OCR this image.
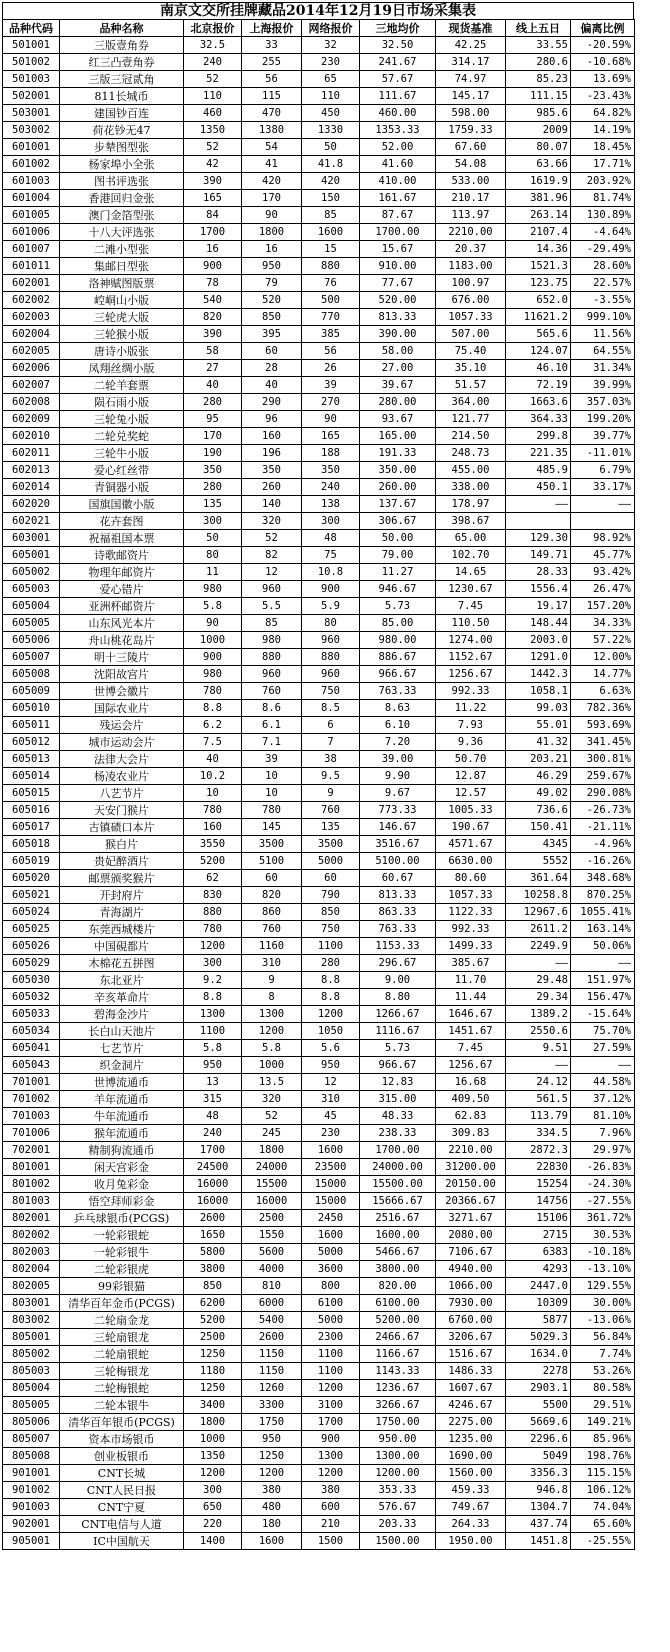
南京文交所挂牌藏品2014年12月19日市场采集表
品种代码	品种名称	北京报价	上海报价	网络报价	三地均价	现货基准	线上五日	偏离比例
501001	三版壹角券	32.5	33	32	32.50	42.25	33.55	-20.59%
501002	红三凸壹角券	240	255	230	241.67	314.17	280.6	-10.68%
501003	三版三冠贰角	52	56	65	57.67	74.97	85.23	13.69%
502001	811长城币	110	115	110	111.67	145.17	111.15	-23.43%
503001	建国钞百连	460	470	450	460.00	598.00	985.6	64.82%
503002	荷花钞无47	1350	1380	1330	1353.33	1759.33	2009	14.19%
601001	步辇图型张	52	54	50	52.00	67.60	80.07	18.45%
601002	杨家埠小全张	42	41	41.8	41.60	54.08	63.66	17.71%
601003	图书评选张	390	420	420	410.00	533.00	1619.9	203.92%
601004	香港回归金张	165	170	150	161.67	210.17	381.96	81.74%
601005	澳门金箔型张	84	90	85	87.67	113.97	263.14	130.89%
601006	十八大评选张	1700	1800	1600	1700.00	2210.00	2107.4	-4.64%
601007	二滩小型张	16	16	15	15.67	20.37	14.36	-29.49%
601011	集邮日型张	900	950	880	910.00	1183.00	1521.3	28.60%
602001	洛神赋图版票	78	79	76	77.67	100.97	123.75	22.57%
602002	崆峒山小版	540	520	500	520.00	676.00	652.0	-3.55%
602003	三轮虎大版	820	850	770	813.33	1057.33	11621.2	999.10%
602004	三轮猴小版	390	395	385	390.00	507.00	565.6	11.56%
602005	唐诗小版张	58	60	56	58.00	75.40	124.07	64.55%
602006	凤翔丝绸小版	27	28	26	27.00	35.10	46.10	31.34%
602007	二轮羊套票	40	40	39	39.67	51.57	72.19	39.99%
602008	陨石雨小版	280	290	270	280.00	364.00	1663.6	357.03%
602009	三轮兔小版	95	96	90	93.67	121.77	364.33	199.20%
602010	二轮兑奖蛇	170	160	165	165.00	214.50	299.8	39.77%
602011	三轮牛小版	190	196	188	191.33	248.73	221.35	-11.01%
602013	爱心红丝带	350	350	350	350.00	455.00	485.9	6.79%
602014	青铜器小版	280	260	240	260.00	338.00	450.1	33.17%
602020	国旗国徽小版	135	140	138	137.67	178.97	——	——
602021	花卉套图	300	320	300	306.67	398.67		
603001	祝福祖国本票	50	52	48	50.00	65.00	129.30	98.92%
605001	诗歌邮资片	80	82	75	79.00	102.70	149.71	45.77%
605002	物理年邮资片	11	12	10.8	11.27	14.65	28.33	93.42%
605003	爱心错片	980	960	900	946.67	1230.67	1556.4	26.47%
605004	亚洲杯邮资片	5.8	5.5	5.9	5.73	7.45	19.17	157.20%
605005	山东风光本片	90	85	80	85.00	110.50	148.44	34.33%
605006	舟山桃花岛片	1000	980	960	980.00	1274.00	2003.0	57.22%
605007	明十三陵片	900	880	880	886.67	1152.67	1291.0	12.00%
605008	沈阳故宫片	980	960	960	966.67	1256.67	1442.3	14.77%
605009	世博会徽片	780	760	750	763.33	992.33	1058.1	6.63%
605010	国际农业片	8.8	8.6	8.5	8.63	11.22	99.03	782.36%
605011	残运会片	6.2	6.1	6	6.10	7.93	55.01	593.69%
605012	城市运动会片	7.5	7.1	7	7.20	9.36	41.32	341.45%
605013	法律大会片	40	39	38	39.00	50.70	203.21	300.81%
605014	杨凌农业片	10.2	10	9.5	9.90	12.87	46.29	259.67%
605015	八艺节片	10	10	9	9.67	12.57	49.02	290.08%
605016	天安门猴片	780	780	760	773.33	1005.33	736.6	-26.73%
605017	古镇碛口本片	160	145	135	146.67	190.67	150.41	-21.11%
605018	猴白片	3550	3500	3500	3516.67	4571.67	4345	-4.96%
605019	贵妃醉酒片	5200	5100	5000	5100.00	6630.00	5552	-16.26%
605020	邮票颁奖猴片	62	60	60	60.67	80.60	361.64	348.68%
605021	开封府片	830	820	790	813.33	1057.33	10258.8	870.25%
605024	青海湖片	880	860	850	863.33	1122.33	12967.6	1055.41%
605025	东莞西城楼片	780	760	750	763.33	992.33	2611.2	163.14%
605026	中国硯都片	1200	1160	1100	1153.33	1499.33	2249.9	50.06%
605029	木棉花五拼图	300	310	280	296.67	385.67	——	——
605030	东北亚片	9.2	9	8.8	9.00	11.70	29.48	151.97%
605032	辛亥革命片	8.8	8	8.8	8.80	11.44	29.34	156.47%
605033	碧海金沙片	1300	1300	1200	1266.67	1646.67	1389.2	-15.64%
605034	长白山天池片	1100	1200	1050	1116.67	1451.67	2550.6	75.70%
605041	七艺节片	5.8	5.8	5.6	5.73	7.45	9.51	27.59%
605043	织金洞片	950	1000	950	966.67	1256.67	——	——
701001	世博流通币	13	13.5	12	12.83	16.68	24.12	44.58%
701002	羊年流通币	315	320	310	315.00	409.50	561.5	37.12%
701003	牛年流通币	48	52	45	48.33	62.83	113.79	81.10%
701006	猴年流通币	240	245	230	238.33	309.83	334.5	7.96%
702001	精制狗流通币	1700	1800	1600	1700.00	2210.00	2872.3	29.97%
801001	闲天宫彩金	24500	24000	23500	24000.00	31200.00	22830	-26.83%
801002	收月兔彩金	16000	15500	15000	15500.00	20150.00	15254	-24.30%
801003	悟空拜师彩金	16000	16000	15000	15666.67	20366.67	14756	-27.55%
802001	乒乓球银币(PCGS)	2600	2500	2450	2516.67	3271.67	15106	361.72%
802002	一轮彩银蛇	1650	1550	1600	1600.00	2080.00	2715	30.53%
802003	一轮彩银牛	5800	5600	5000	5466.67	7106.67	6383	-10.18%
802004	二轮彩银虎	3800	4000	3600	3800.00	4940.00	4293	-13.10%
802005	99彩银猫	850	810	800	820.00	1066.00	2447.0	129.55%
803001	清华百年金币(PCGS)	6200	6000	6100	6100.00	7930.00	10309	30.00%
803002	二轮扇金龙	5200	5400	5000	5200.00	6760.00	5877	-13.06%
805001	三轮扇银龙	2500	2600	2300	2466.67	3206.67	5029.3	56.84%
805002	二轮扇银蛇	1250	1150	1100	1166.67	1516.67	1634.0	7.74%
805003	三轮梅银龙	1180	1150	1100	1143.33	1486.33	2278	53.26%
805004	二轮梅银蛇	1250	1260	1200	1236.67	1607.67	2903.1	80.58%
805005	二轮本银牛	3400	3300	3100	3266.67	4246.67	5500	29.51%
805006	清华百年银币(PCGS)	1800	1750	1700	1750.00	2275.00	5669.6	149.21%
805007	资本市场银币	1000	950	900	950.00	1235.00	2296.6	85.96%
805008	创业板银币	1350	1250	1300	1300.00	1690.00	5049	198.76%
901001	CNT长城	1200	1200	1200	1200.00	1560.00	3356.3	115.15%
901002	CNT人民日报	300	380	380	353.33	459.33	946.8	106.12%
901003	CNT宁夏	650	480	600	576.67	749.67	1304.7	74.04%
902001	CNT电信与人道	220	180	210	203.33	264.33	437.74	65.60%
905001	IC中国航天	1400	1600	1500	1500.00	1950.00	1451.8	-25.55%
